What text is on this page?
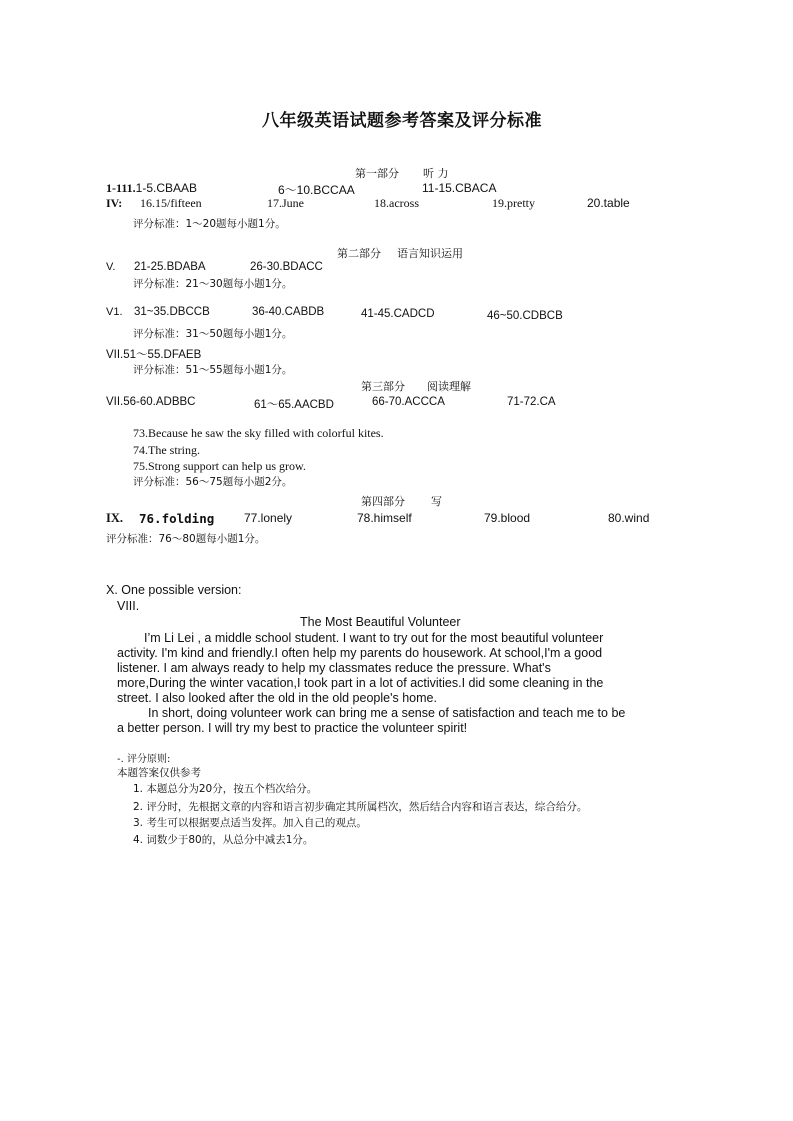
八年级英语试题参考答案及评分标准
第一部分 听 力
1-111.1-5.CBAAB	6～10.BCCAA	11-15.CBACA
IV: 16.15/fifteen	17.June	18.across	19.pretty	20.table
评分标准：1～20题每小题1分。
第二部分 语言知识运用
V. 21-25.BDABA	26-30.BDACC
评分标准：21～30题每小题1分。
V1. 31~35.DBCCB	36-40.CABDB	41-45.CADCD	46~50.CDBCB
评分标准：31～50题每小题1分。
VII.51～55.DFAEB
评分标准：51～55题每小题1分。
第三部分 阅读理解
VII.56-60.ADBBC	61～65.AACBD	66-70.ACCCA	71-72.CA
73.Because he saw the sky filled with colorful kites.
74.The string.
75.Strong support can help us grow.
评分标准：56～75题每小题2分。
第四部分 写
IX. 76.folding 77.lonely	78.himself	79.blood	80.wind
评分标准：76～80题每小题1分。
X. One possible version:
VIII.
The Most Beautiful Volunteer
I’m Li Lei , a middle school student. I want to try out for the most beautiful volunteer
activity. I'm kind and friendly.I often help my parents do housework. At school,I'm a good
listener. I am always ready to help my classmates reduce the pressure. What's
more,During the winter vacation,I took part in a lot of activities.I did some cleaning in the
street. I also looked after the old in the old people's home.
In short, doing volunteer work can bring me a sense of satisfaction and teach me to be
a better person. I will try my best to practice the volunteer spirit!
-. 评分原则:
本题答案仅供参考
1. 本题总分为20分，按五个档次给分。
2. 评分时，先根据文章的内容和语言初步确定其所属档次，然后结合内容和语言表达，综合给分。
3. 考生可以根据要点适当发挥。加入自己的观点。
4. 词数少于80的，从总分中减去1分。
